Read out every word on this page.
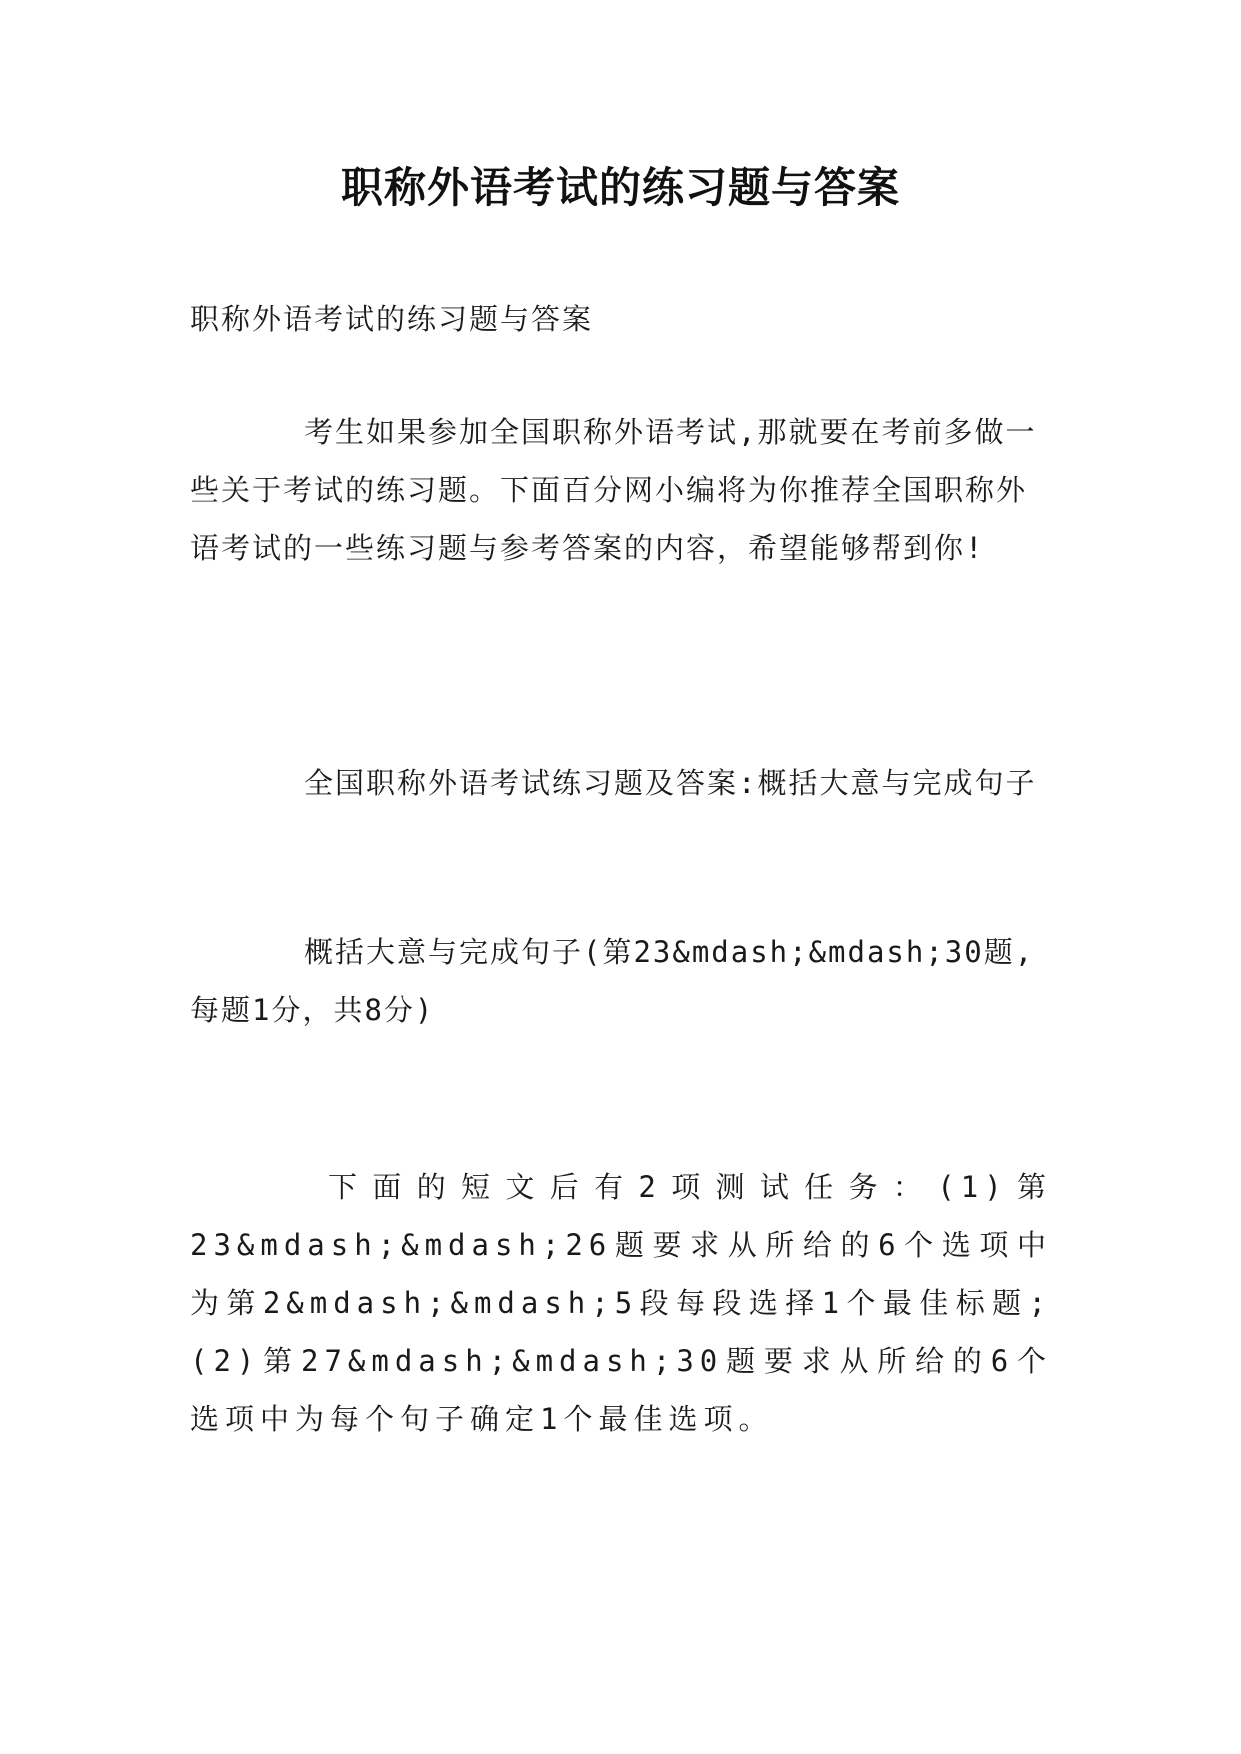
职称外语考试的练习题与答案
职称外语考试的练习题与答案
考生如果参加全国职称外语考试,那就要在考前多做一些关于考试的练习题。下面百分网小编将为你推荐全国职称外语考试的一些练习题与参考答案的内容，希望能够帮到你!
全国职称外语考试练习题及答案:概括大意与完成句子
概括大意与完成句子(第23&mdash;&mdash;30题,每题1分，共8分)
下面的短文后有2项测试任务：(1)第23&mdash;&mdash;26题要求从所给的6个选项中为第2&mdash;&mdash;5段每段选择1个最佳标题;(2)第27&mdash;&mdash;30题要求从所给的6个选项中为每个句子确定1个最佳选项。
